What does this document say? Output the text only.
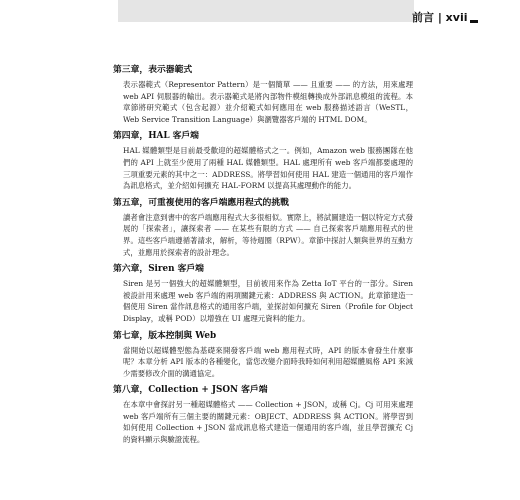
前言 | xvii
第三章，表示器範式

表示器範式（Representor Pattern）是一個簡單 —— 且重要 —— 的方法，用來處理 web API 伺服器的輸出。表示器範式是將內部物件模組轉換成外部訊息模組的流程。本章節將研究範式（包含起源）並介紹範式如何應用在 web 服務描述語言（WeSTL，Web Service Transition Language）與瀏覽器客戶端的 HTML DOM。

第四章，HAL 客戶端

HAL 媒體類型是目前最受歡迎的超媒體格式之一。例如，Amazon web 服務團隊在他們的 API 上就至少使用了兩種 HAL 媒體類型。HAL 處理所有 web 客戶端都要處理的三項重要元素的其中之一：ADDRESS。將學習如何使用 HAL 建造一個通用的客戶端作為訊息格式，並介紹如何擴充 HAL-FORM 以提高其處理動作的能力。

第五章，可重複使用的客戶端應用程式的挑戰

讀者會注意到書中的客戶端應用程式大多很相似。實際上，將試圖建造一個以特定方式發展的「探索者」，讓探索者 —— 在某些有限的方式 —— 自己探索客戶端應用程式的世界。這些客戶端遵循著請求，解析，等待週圈（RPW）。章節中探討人類與世界的互動方式，並應用於探索者的設計理念。

第六章，Siren 客戶端

Siren 是另一個強大的超媒體類型，目前被用來作為 Zetta IoT 平台的一部分。Siren 被設計用來處理 web 客戶端的兩項關鍵元素：ADDRESS 與 ACTION。此章節建造一個使用 Siren 當作訊息格式的通用客戶端，並探討如何擴充 Siren（Profile for Object Display，或稱 POD）以增強在 UI 處理元資料的能力。

第七章，版本控制與 Web

當開始以超媒體型態為基礎來開發客戶端 web 應用程式時，API 的版本會發生什麼事呢？本章分析 API 版本的各種變化，當您改變介面時我時如何利用超媒體風格 API 來減少需要修改介面的溝通協定。

第八章，Collection + JSON 客戶端

在本章中會探討另一種超媒體格式 —— Collection + JSON，或稱 Cj。Cj 可用來處理 web 客戶端所有三個主要的關鍵元素：OBJECT、ADDRESS 與 ACTION。將學習到如何使用 Collection + JSON 當成訊息格式建造一個通用的客戶端，並且學習擴充 Cj 的資料顯示與驗證流程。
